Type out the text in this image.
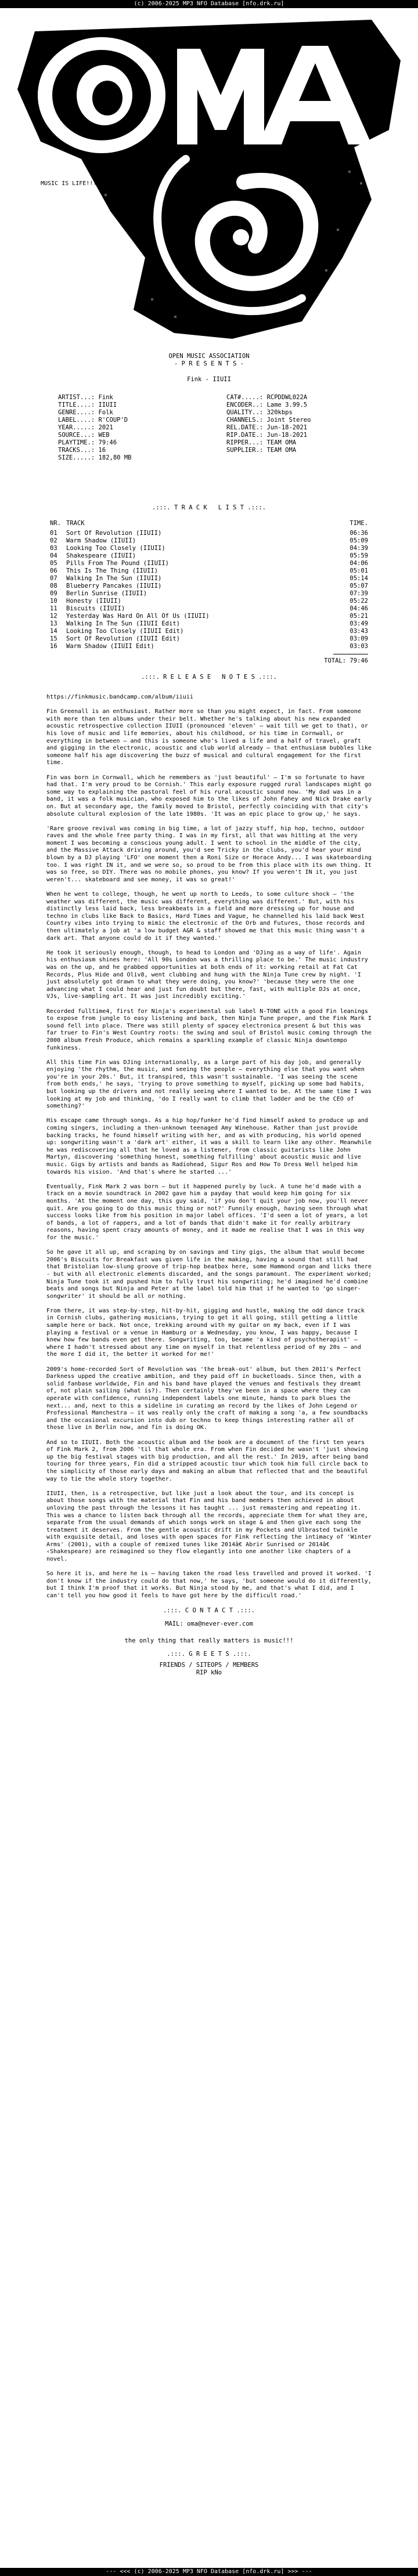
(c) 2006-2025 MP3 NFO Database [nfo.drk.ru]
MUSIC IS LIFE!!!
OPEN MUSIC ASSOCIATION
- P R E S E N T S -
Fink - IIUII
ARTIST...: Fink
TITLE....: IIUII
GENRE....: Folk
LABEL....: R'COUP'D
YEAR.....: 2021
SOURCE...: WEB
PLAYTIME.: 79:46
TRACKS...: 16
SIZE.....: 182,80 MB
CAT#.....: RCPDDWL022A
ENCODER..: Lame 3.99.5
QUALITY..: 320kbps
CHANNELS.: Joint Stereo
REL.DATE.: Jun-18-2021
RIP.DATE.: Jun-18-2021
RIPPER...: TEAM OMA
SUPPLIER.: TEAM OMA
.:::. T R A C K   L I S T .:::.
NR. TRACK	TIME.
01 Sort Of Revolution (IIUII)	06:36
02 Warm Shadow (IIUII)	05:09
03 Looking Too Closely (IIUII)	04:39
04 Shakespeare (IIUII)	05:59
05 Pills From The Pound (IIUII)	04:06
06 This Is The Thing (IIUII)	05:01
07 Walking In The Sun (IIUII)	05:14
08 Blueberry Pancakes (IIUII)	05:07
09 Berlin Sunrise (IIUII)	07:39
10 Honesty (IIUII)	05:22
11 Biscuits (IIUII)	04:46
12 Yesterday Was Hard On All Of Us (IIUII)	05:21
13 Walking In The Sun (IIUII Edit)	03:49
14 Looking Too Closely (IIUII Edit)	03:43
15 Sort Of Revolution (IIUII Edit)	03:09
16 Warm Shadow (IIUII Edit)	03:03
TOTAL: 79:46
.:::. R E L E A S E   N O T E S .:::.
https://finkmusic.bandcamp.com/album/iiuii

Fin Greenall is an enthusiast. Rather more so than you might expect, in fact. From someone with more than ten albums under their belt. Whether he's talking about his new expanded acoustic retrospective collection IIUII (pronounced 'eleven' – wait till we get to that), or his love of music and life memories, about his childhood, or his time in Cornwall, or everything in between – and this is someone who's lived a life and a half of travel, graft and gigging in the electronic, acoustic and club world already – that enthusiasm bubbles like someone half his age discovering the buzz of musical and cultural engagement for the first time.

Fin was born in Cornwall, which he remembers as 'just beautiful' – I'm so fortunate to have had that. I'm very proud to be Cornish.' This early exposure rugged rural landscapes might go some way to explaining the pastoral feel of his rural acoustic sound now. 'My dad was in a band, it was a folk musician, who exposed him to the likes of John Fahey and Nick Drake early on. But at secondary age, the family moved to Bristol, perfectly coinciding with that city's absolute cultural explosion of the late 1980s. 'It was an epic place to grow up,' he says.

'Rare groove revival was coming in big time, a lot of jazzy stuff, hip hop, techno, outdoor raves and the whole free party thing. I was in my first, all that was hitting at the very moment I was becoming a conscious young adult. I went to school in the middle of the city, and the Massive Attack driving around, you'd see Tricky in the clubs, you'd hear your mind blown by a DJ playing 'LFO' one moment then a Roni Size or Horace Andy... I was skateboarding too. I was right IN it, and we were so, so proud to be from this place with its own thing. It was so free, so DIY. There was no mobile phones, you know? If you weren't IN it, you just weren't... skateboard and see money, it was so great!'

When he went to college, though, he went up north to Leeds, to some culture shock – 'the weather was different, the music was different, everything was different.' But, with his distinctly less laid back, less breakbeats in a field and more dressing up for house and techno in clubs like Back to Basics, Hard Times and Vague, he channelled his laid back West Country vibes into trying to mimic the electronic of the Orb and Futures, those records and then ultimately a job at 'a low budget A&R & staff showed me that this music thing wasn't a dark art. That anyone could do it if they wanted.'

He took it seriously enough, though, to head to London and 'DJing as a way of life'. Again his enthusiasm shines here: 'All 90s London was a thrilling place to be.' The music industry was on the up, and he grabbed opportunities at both ends of it: working retail at Fat Cat Records, Plus Hide and Oliv8, went clubbing and hung with the Ninja Tune crew by night. 'I just absolutely got drawn to what they were doing, you know?' 'because they were the one advancing what I could hear and just fun doubt but there, fast, with multiple DJs at once, VJs, live-sampling art. It was just incredibly exciting.'

Recorded fulltime4, first for Ninja's experimental sub label N-TONE with a good Fin leanings to expose from jungle to easy listening and back, then Ninja Tune proper, and the Fink Mark I sound fell into place. There was still plenty of spacey electronica present & but this was far truer to Fin's West Country roots: the swing and soul of Bristol music coming through the 2000 album Fresh Produce, which remains a sparkling example of classic Ninja downtempo funkiness.

All this time Fin was DJing internationally, as a large part of his day job, and generally enjoying 'the rhythm, the music, and seeing the people – everything else that you want when you're in your 20s.' But, it transpired, this wasn't sustainable. 'I was seeing the scene from both ends,' he says, 'trying to prove something to myself, picking up some bad habits, but looking up the drivers and not really seeing where I wanted to be. At the same time I was looking at my job and thinking, 'do I really want to climb that ladder and be the CEO of something?'

His escape came through songs. As a hip hop/funker he'd find himself asked to produce up and coming singers, including a then-unknown teenaged Amy Winehouse. Rather than just provide backing tracks, he found himself writing with her, and as with producing, his world opened up: songwriting wasn't a 'dark art' either, it was a skill to learn like any other. Meanwhile he was rediscovering all that he loved as a listener, from classic guitarists like John Martyn, discovering 'something honest, something fulfilling' about acoustic music and live music. Gigs by artists and bands as Radiohead, Sigur Ros and How To Dress Well helped him towards his vision. 'And that's where he started ...'

Eventually, Fink Mark 2 was born – but it happened purely by luck. A tune he'd made with a track on a movie soundtrack in 2002 gave him a payday that would keep him going for six months. 'At the moment one day, this guy said, 'if you don't quit your job now, you'll never quit. Are you going to do this music thing or not?' Funnily enough, having seen through what success looks like from his position in major label offices. 'I'd seen a lot of years, a lot of bands, a lot of rappers, and a lot of bands that didn't make it for really arbitrary reasons, having spent crazy amounts of money, and it made me realise that I was in this way for the music.'

So he gave it all up, and scraping by on savings and tiny gigs, the album that would become 2006's Biscuits for Breakfast was given life in the making, having a sound that still had that Bristolian low-slung groove of trip-hop beatbox here, some Hammond organ and licks there - but with all electronic elements discarded, and the songs paramount. The experiment worked; Ninja Tune took it and pushed him to fully trust his songwriting; he'd imagined he'd combine beats and songs but Ninja and Peter at the label told him that if he wanted to 'go singer-songwriter' it should be all or nothing.

From there, it was step-by-step, hit-by-hit, gigging and hustle, making the odd dance track in Cornish clubs, gathering musicians, trying to get it all going, still getting a little sample here or back. Not once, trekking around with my guitar on my back, even if I was playing a festival or a venue in Hamburg or a Wednesday, you know, I was happy, because I knew how few bands even get there. Songwriting, too, became 'a kind of psychotherapist' – where I hadn't stressed about any time on myself in that relentless period of my 20s – and the more I did it, the better it worked for me!'

2009's home-recorded Sort of Revolution was 'the break-out' album, but then 2011's Perfect Darkness upped the creative ambition, and they paid off in bucketloads. Since then, with a solid fanbase worldwide, Fin and his band have played the venues and festivals they dreamt of, not plain sailing (what is?). Then certainly they've been in a space where they can operate with confidence, running independent labels one minute, hands to park blues the next... and, next to this a sideline in curating an record by the likes of John Legend or Professional Manchestra – it was really only the craft of making a song 'a, a few soundbacks and the occasional excursion into dub or techno to keep things interesting rather all of those live in Berlin now, and fin is doing OK.

And so to IIUII. Both the acoustic album and the book are a document of the first ten years of Fink Mark 2, from 2006 'til that whole era. From when Fin decided he wasn't 'just showing up the big festival stages with big production, and all the rest.' In 2019, after being band touring for three years, Fin did a stripped acoustic tour which took him full circle back to the simplicity of those early days and making an album that reflected that and the beautiful way to tie the whole story together.

IIUII, then, is a retrospective, but like just a look about the tour, and its concept is about those songs with the material that Fin and his band members then achieved in about unloving the past through the lessons it has taught ... just remastering and repeating it. This was a chance to listen back through all the records, appreciate them for what they are, separate from the usual demands of which songs work on stage & and then give each song the treatment it deserves. From the gentle acoustic drift in my Pockets and Ulbrasted twinkle with exquisite detail, and loses with open spaces for Fink reflecting the intimacy of 'Winter Arms' (2001), with a couple of remixed tunes like 2014â€ Abrir Sunrised or 2014â€ ‹Shakespeare) are reimagined so they flow elegantly into one another like chapters of a novel.

So here it is, and here he is – having taken the road less travelled and proved it worked. 'I don't know if the industry could do that now,' he says, 'but someone would do it differently, but I think I'm proof that it works. But Ninja stood by me, and that's what I did, and I can't tell you how good it feels to have got here by the difficult road.'

.:::. C O N T A C T .:::.
MAIL: oma@never-ever.com
the only thing that really matters is music!!!
.:::. G R E E T S .:::.
FRIENDS / SITEOPS / MEMBERS
RIP kNo
--- <<< (c) 2006-2025 MP3 NFO Database [nfo.drk.ru] >>> ---
